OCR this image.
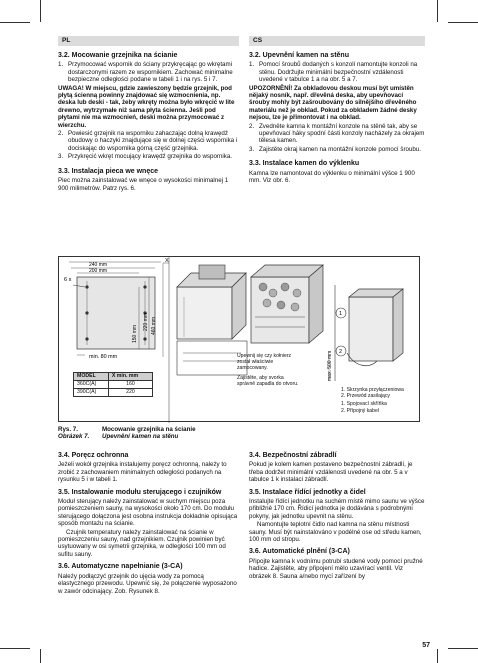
PL	CS
3.2. Mocowanie grzejnika na ścianie
1. Przymocować wspornik do ściany przykręcając go wkrętami dostarczonymi razem ze wspornikiem. Zachować minimalne bezpieczne odległości podane w tabeli 1 i na rys. 5 i 7.
UWAGA! W miejscu, gdzie zawieszony będzie grzejnik, pod płytą ścienną powinny znajdować się wzmocnienia, np. deska lub deski - tak, żeby wkręty można było wkręcić w lite drewno, wytrzymałe niż sama płyta ścienna. Jeśli pod płytami nie ma wzmocnień, deski można przymocować z wierzchu.
2. Powiesić grzejnik na wsporniku zahaczając dolną krawędź obudowy o haczyki znajdujące się w dolnej części wspornika i dociskając do wspornika górną część grzejnika.
3. Przykręcić wkręt mocujący krawędź grzejnika do wspornika.
3.3. Instalacja pieca we wnęce
Piec można zainstalować we wnęce o wysokości minimalnej 1 900 milimetrów. Patrz rys. 6.
3.2. Upevnění kamen na stěnu
1. Pomocí šroubů dodaných s konzolí namontujte konzoli na stěnu. Dodržujte minimální bezpečnostní vzdálenosti uvedené v tabulce 1 a na obr. 5 a 7.
UPOZORNĚNÍ! Za obkladovou deskou musí být umístěn nějaký nosník, např. dřevěná deska, aby upevňovací šrouby mohly být zašroubovány do silnějšího dřevěného materiálu než je obklad. Pokud za obkladem žádné desky nejsou, lze je přimontovat i na obklad.
2. Zvedněte kamna k montážní konzole na stěně tak, aby se upevňovací háky spodní části konzoly nacházely za okrajem tělesa kamen.
3. Zajistěte okraj kamen na montážní konzole pomocí šroubu.
3.3. Instalace kamen do výklenku
Kamna lze namontovat do výklenku o minimální výšce 1 900 mm. Viz obr. 6.
6 x
X
240 mm
200 mm
220 mm 460 mm
150 mm
min. 80 mm
1
2
max. 500 mm
MODEL	X min. mm
360C(A)	160
390C(A)	220
Upewnij się czy kołnierz został właściwie zamocowany.
Zajistěte, aby svorka správně zapadla do otvoru.
1. Skrzynka przyłączeniowa
2. Przewód zasilający
1. Spojovací skříňka
2. Přípojný kabel
Rys. 7.	Mocowanie grzejnika na ścianie
Obrázek 7.	Upevnění kamen na stěnu
3.4. Poręcz ochronna
Jeżeli wokół grzejnika instalujemy poręcz ochronną, należy to zrobić z zachowaniem minimalnych odległości podanych na rysunku 5 i w tabeli 1.
3.5. Instalowanie modułu sterującego i czujników
Moduł sterujący należy zainstalować w suchym miejscu poza pomieszczeniem sauny, na wysokości około 170 cm. Do modułu sterującego dołączona jest osobna instrukcja dokładnie opisująca sposób montażu na ścianie.
Czujnik temperatury należy zainstalować na ścianie w pomieszczeniu sauny, nad grzejnikiem. Czujnik powinien być usytuowany w osi symetrii grzejnika, w odległości 100 mm od sufitu sauny.
3.6. Automatyczne napełnianie (3-CA)
Należy podłączyć grzejnik do ujęcia wody za pomocą elastycznego przewodu. Upewnić się, że połączenie wyposażono w zawór odcinający. Zob. Rysunek 8.
3.4. Bezpečnostní zábradlí
Pokud je kolem kamen postaveno bezpečnostní zábradlí, je třeba dodržet minimální vzdálenosti uvedené na obr. 5 a v tabulce 1 k instalaci zábradlí.
3.5. Instalace řídící jednotky a čidel
Instalujte řídící jednotku na suchém místě mimo saunu ve výšce přibližně 170 cm. Řídicí jednotka je dodávána s podrobnými pokyny, jak jednotku upevnit na stěnu.
Namontujte teplotní čidlo nad kamna na stěnu místnosti sauny. Musí být nainstalováno v podélné ose od středu kamen, 100 mm od stropu.
3.6. Automatické plnění (3-CA)
Připojte kamna k vodnímu potrubí studené vody pomocí pružné hadice. Zajistěte, aby připojení mělo uzavírací ventil. Viz obrázek 8. Sauna a/nebo mycí zařízení by
57
